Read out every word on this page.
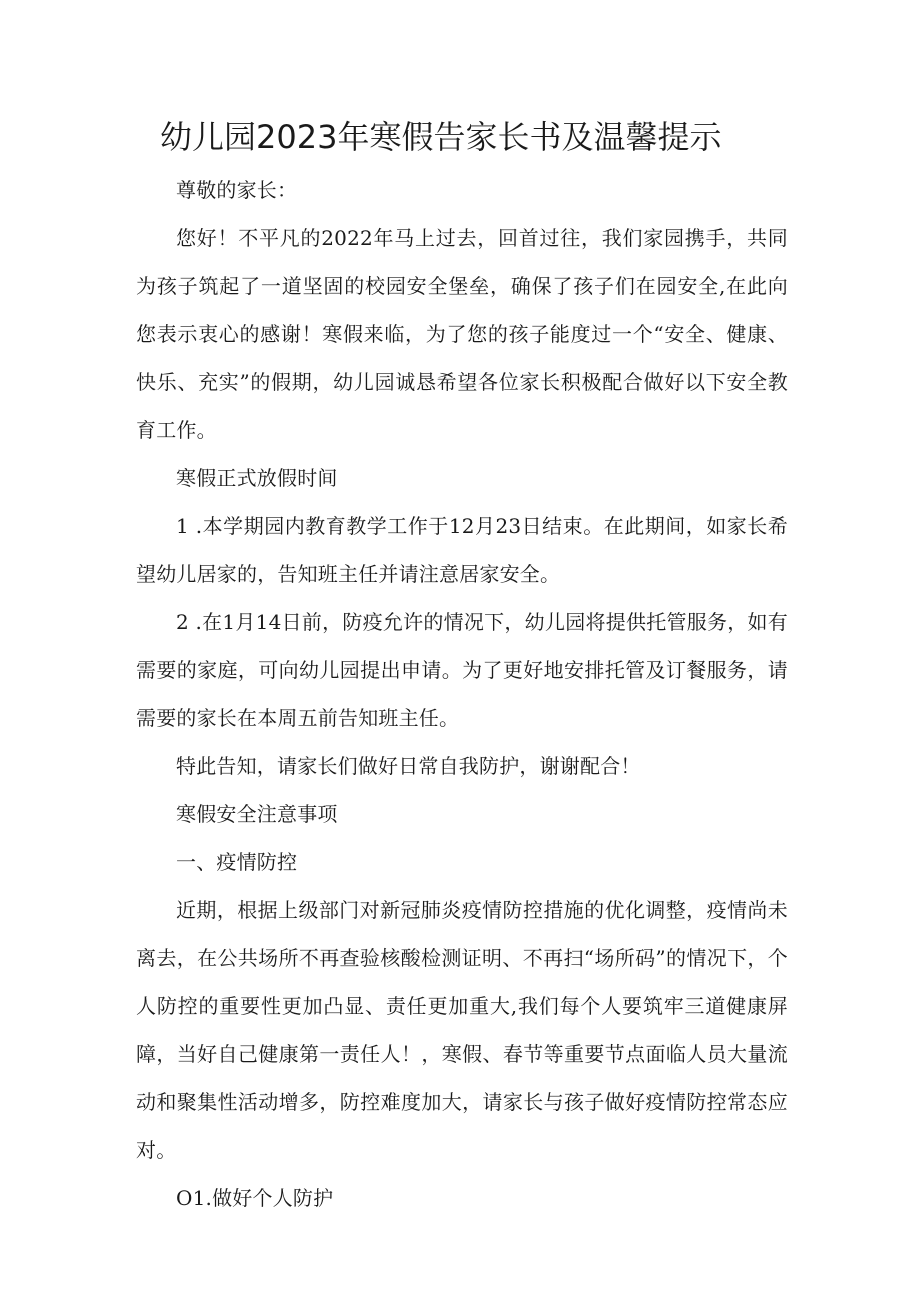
幼儿园2023年寒假告家长书及温馨提示

尊敬的家长：

您好！不平凡的2022年马上过去，回首过往，我们家园携手，共同为孩子筑起了一道坚固的校园安全堡垒，确保了孩子们在园安全,在此向您表示衷心的感谢！寒假来临，为了您的孩子能度过一个“安全、健康、快乐、充实”的假期，幼儿园诚恳希望各位家长积极配合做好以下安全教育工作。

寒假正式放假时间

1 .本学期园内教育教学工作于12月23日结束。在此期间，如家长希望幼儿居家的，告知班主任并请注意居家安全。

2 .在1月14日前，防疫允许的情况下，幼儿园将提供托管服务，如有需要的家庭，可向幼儿园提出申请。为了更好地安排托管及订餐服务，请需要的家长在本周五前告知班主任。

特此告知，请家长们做好日常自我防护，谢谢配合！

寒假安全注意事项

一、疫情防控

近期，根据上级部门对新冠肺炎疫情防控措施的优化调整，疫情尚未离去，在公共场所不再查验核酸检测证明、不再扫“场所码”的情况下，个人防控的重要性更加凸显、责任更加重大,我们每个人要筑牢三道健康屏障，当好自己健康第一责任人！，寒假、春节等重要节点面临人员大量流动和聚集性活动增多，防控难度加大，请家长与孩子做好疫情防控常态应对。

O1.做好个人防护
